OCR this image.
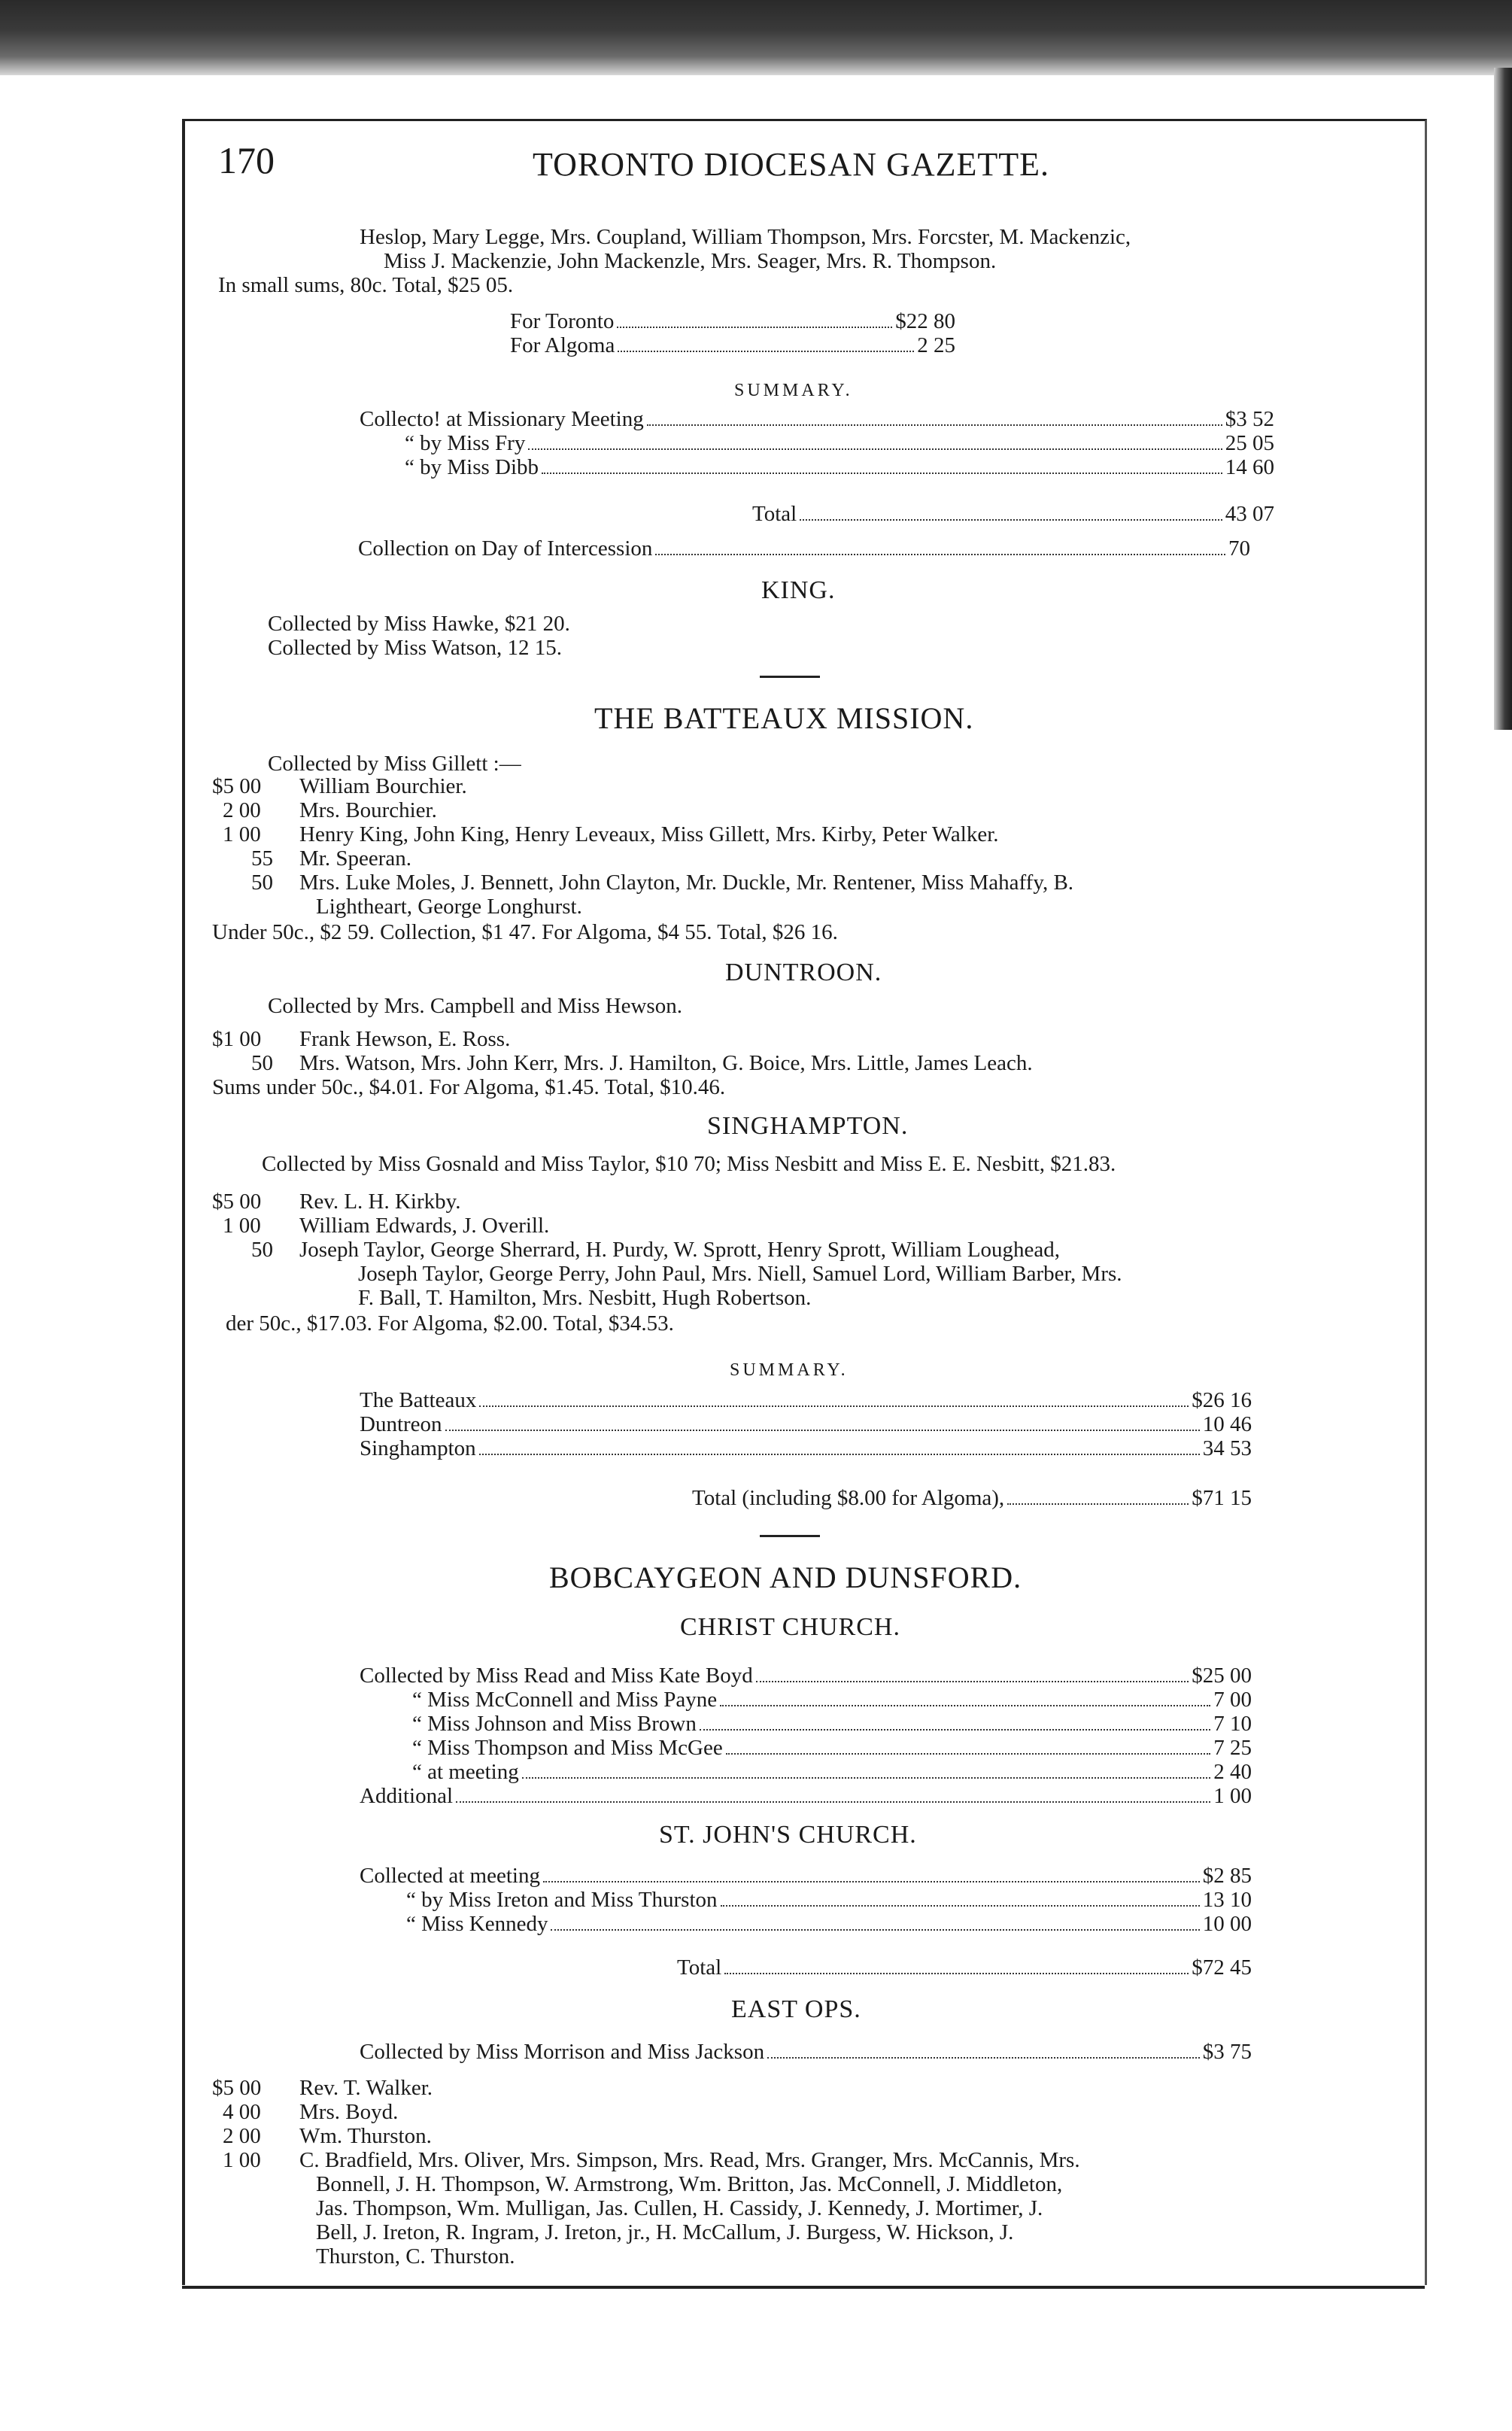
170	TORONTO DIOCESAN GAZETTE.
Heslop, Mary Legge, Mrs. Coupland, William Thompson, Mrs. Forcster, M. Mackenzic,
Miss J. Mackenzie, John Mackenzle, Mrs. Seager, Mrs. R. Thompson.
In small sums, 80c. Total, $25 05.
For Toronto	$22 80
For Algoma	2 25
SUMMARY.
Collecto! at Missionary Meeting	$3 52
“ by Miss Fry	25 05
“ by Miss Dibb	14 60
Total	43 07
Collection on Day of Intercession	70
KING.
Collected by Miss Hawke, $21 20.
Collected by Miss Watson, 12 15.
THE BATTEAUX MISSION.
Collected by Miss Gillett :—
$5 00 William Bourchier.
2 00 Mrs. Bourchier.
1 00 Henry King, John King, Henry Leveaux, Miss Gillett, Mrs. Kirby, Peter Walker.
55 Mr. Speeran.
50 Mrs. Luke Moles, J. Bennett, John Clayton, Mr. Duckle, Mr. Rentener, Miss Mahaffy, B.
Lightheart, George Longhurst.
Under 50c., $2 59. Collection, $1 47. For Algoma, $4 55. Total, $26 16.
DUNTROON.
Collected by Mrs. Campbell and Miss Hewson.
$1 00 Frank Hewson, E. Ross.
50 Mrs. Watson, Mrs. John Kerr, Mrs. J. Hamilton, G. Boice, Mrs. Little, James Leach.
Sums under 50c., $4.01. For Algoma, $1.45. Total, $10.46.
SINGHAMPTON.
Collected by Miss Gosnald and Miss Taylor, $10 70; Miss Nesbitt and Miss E. E. Nesbitt, $21.83.
$5 00 Rev. L. H. Kirkby.
1 00 William Edwards, J. Overill.
50 Joseph Taylor, George Sherrard, H. Purdy, W. Sprott, Henry Sprott, William Loughead,
Joseph Taylor, George Perry, John Paul, Mrs. Niell, Samuel Lord, William Barber, Mrs.
F. Ball, T. Hamilton, Mrs. Nesbitt, Hugh Robertson.
der 50c., $17.03. For Algoma, $2.00. Total, $34.53.
SUMMARY.
The Batteaux	$26 16
Duntreon	10 46
Singhampton	34 53
Total (including $8.00 for Algoma),	$71 15
BOBCAYGEON AND DUNSFORD.
CHRIST CHURCH.
Collected by Miss Read and Miss Kate Boyd	$25 00
“ Miss McConnell and Miss Payne	7 00
“ Miss Johnson and Miss Brown	7 10
“ Miss Thompson and Miss McGee	7 25
“ at meeting	2 40
Additional	1 00
ST. JOHN'S CHURCH.
Collected at meeting	$2 85
“ by Miss Ireton and Miss Thurston	13 10
“ Miss Kennedy	10 00
Total	$72 45
EAST OPS.
Collected by Miss Morrison and Miss Jackson	$3 75
$5 00 Rev. T. Walker.
4 00 Mrs. Boyd.
2 00 Wm. Thurston.
1 00 C. Bradfield, Mrs. Oliver, Mrs. Simpson, Mrs. Read, Mrs. Granger, Mrs. McCannis, Mrs.
Bonnell, J. H. Thompson, W. Armstrong, Wm. Britton, Jas. McConnell, J. Middleton,
Jas. Thompson, Wm. Mulligan, Jas. Cullen, H. Cassidy, J. Kennedy, J. Mortimer, J.
Bell, J. Ireton, R. Ingram, J. Ireton, jr., H. McCallum, J. Burgess, W. Hickson, J.
Thurston, C. Thurston.
